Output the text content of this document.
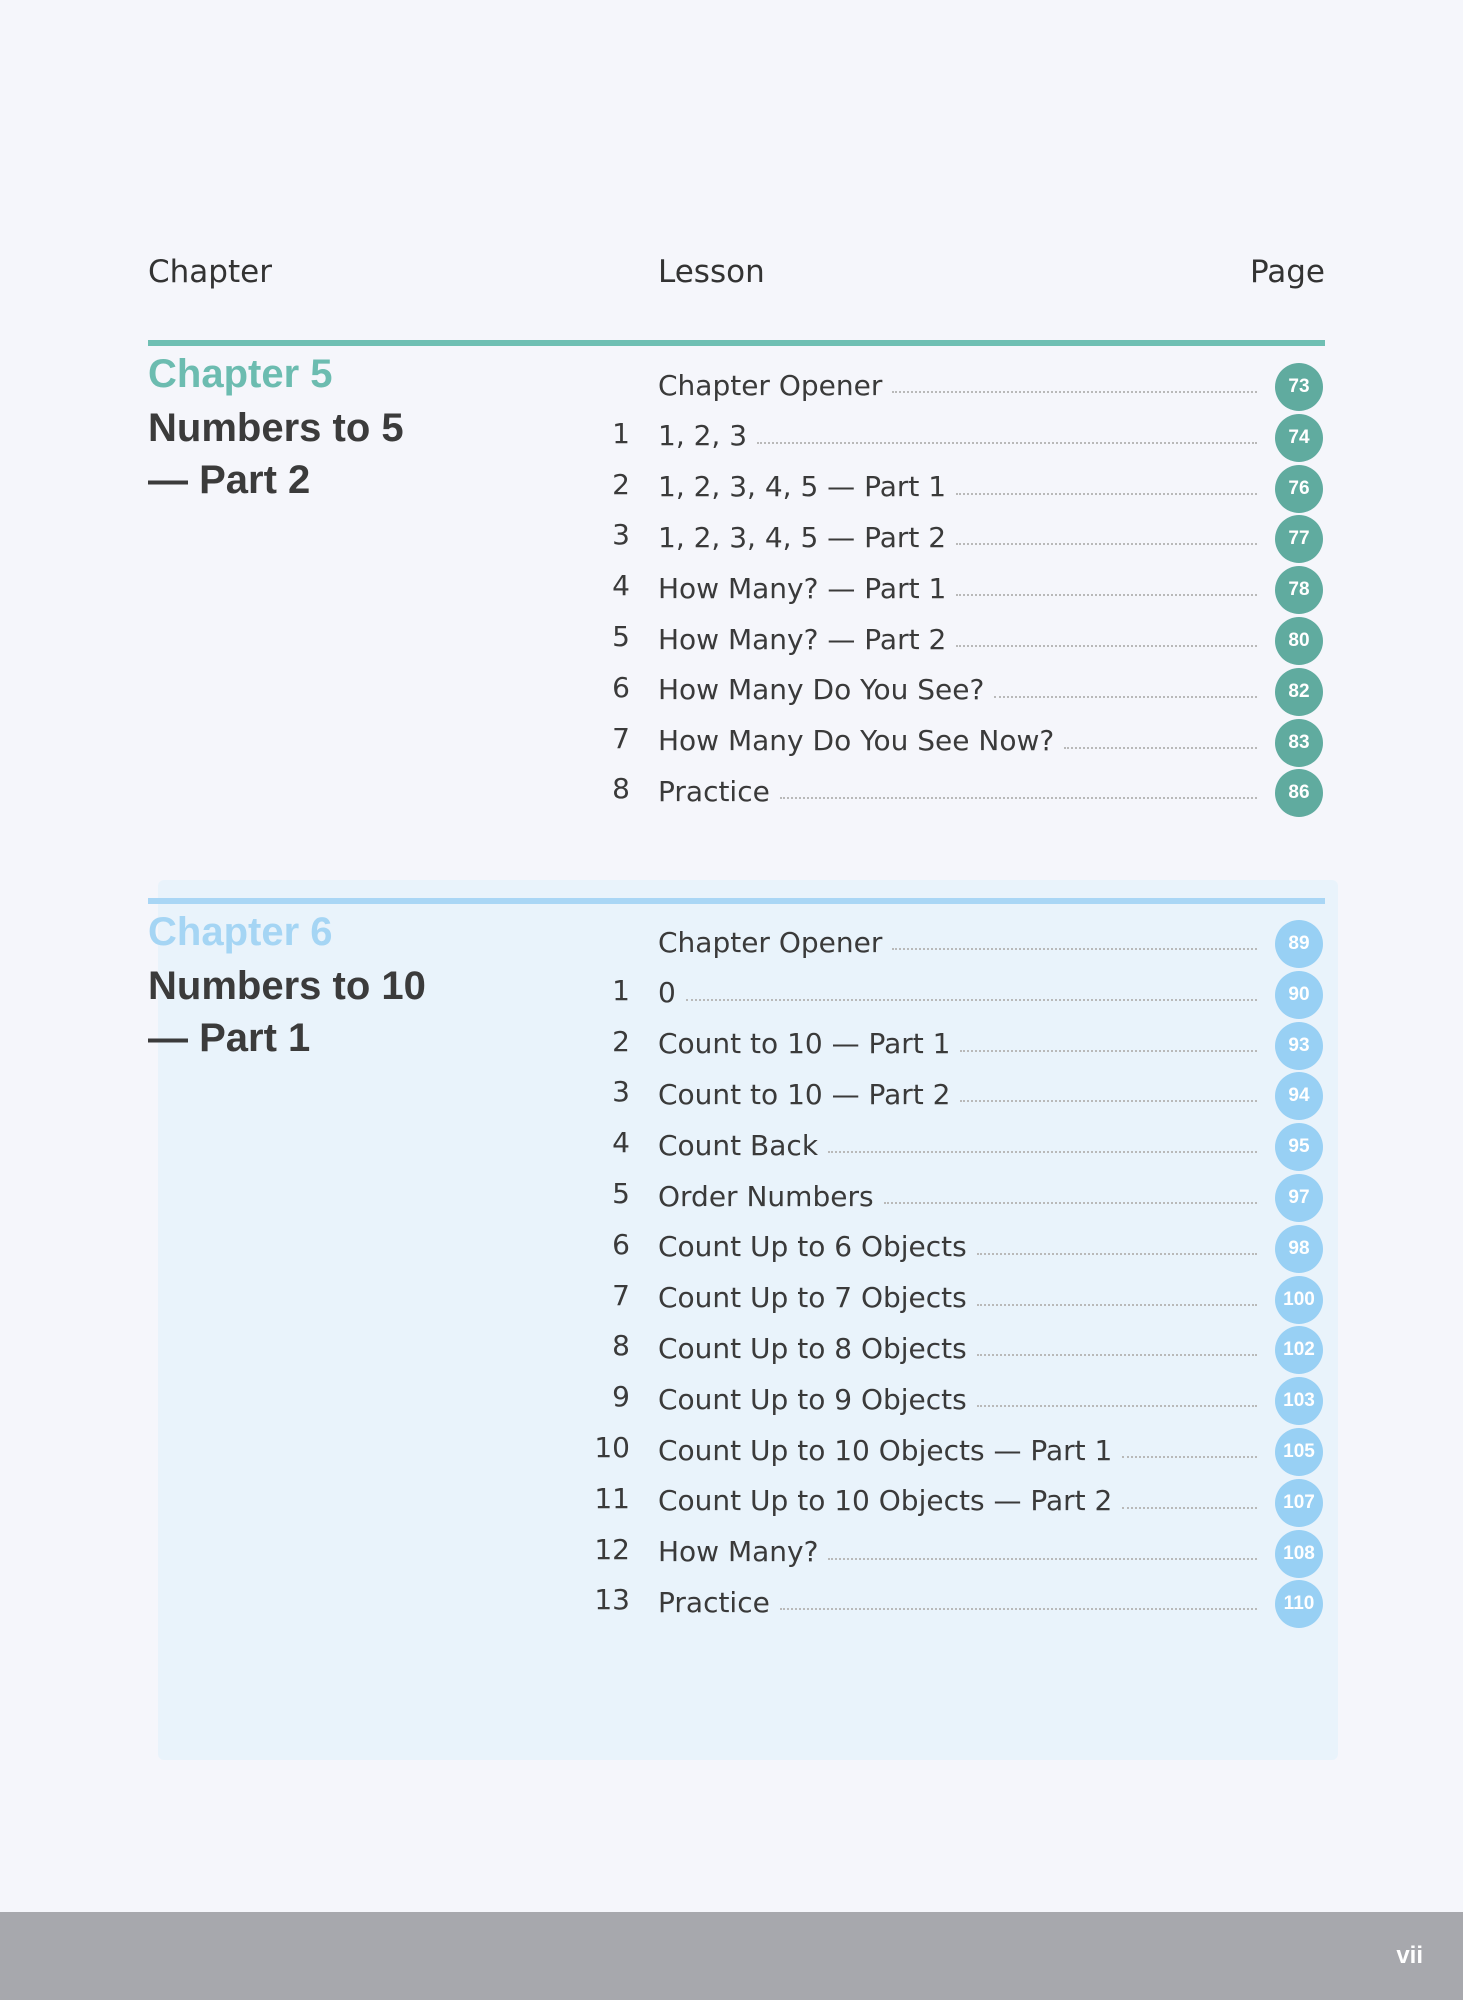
Chapter	Lesson	Page
Chapter 5
Numbers to 5
— Part 2
Chapter Opener	73
1 1, 2, 3	74
2 1, 2, 3, 4, 5 — Part 1	76
3 1, 2, 3, 4, 5 — Part 2	77
4 How Many? — Part 1	78
5 How Many? — Part 2	80
6 How Many Do You See?	82
7 How Many Do You See Now?	83
8 Practice	86
Chapter 6
Numbers to 10
— Part 1
Chapter Opener	89
1 0	90
2 Count to 10 — Part 1	93
3 Count to 10 — Part 2	94
4 Count Back	95
5 Order Numbers	97
6 Count Up to 6 Objects	98
7 Count Up to 7 Objects	100
8 Count Up to 8 Objects	102
9 Count Up to 9 Objects	103
10 Count Up to 10 Objects — Part 1	105
11 Count Up to 10 Objects — Part 2	107
12 How Many?	108
13 Practice	110
vii
